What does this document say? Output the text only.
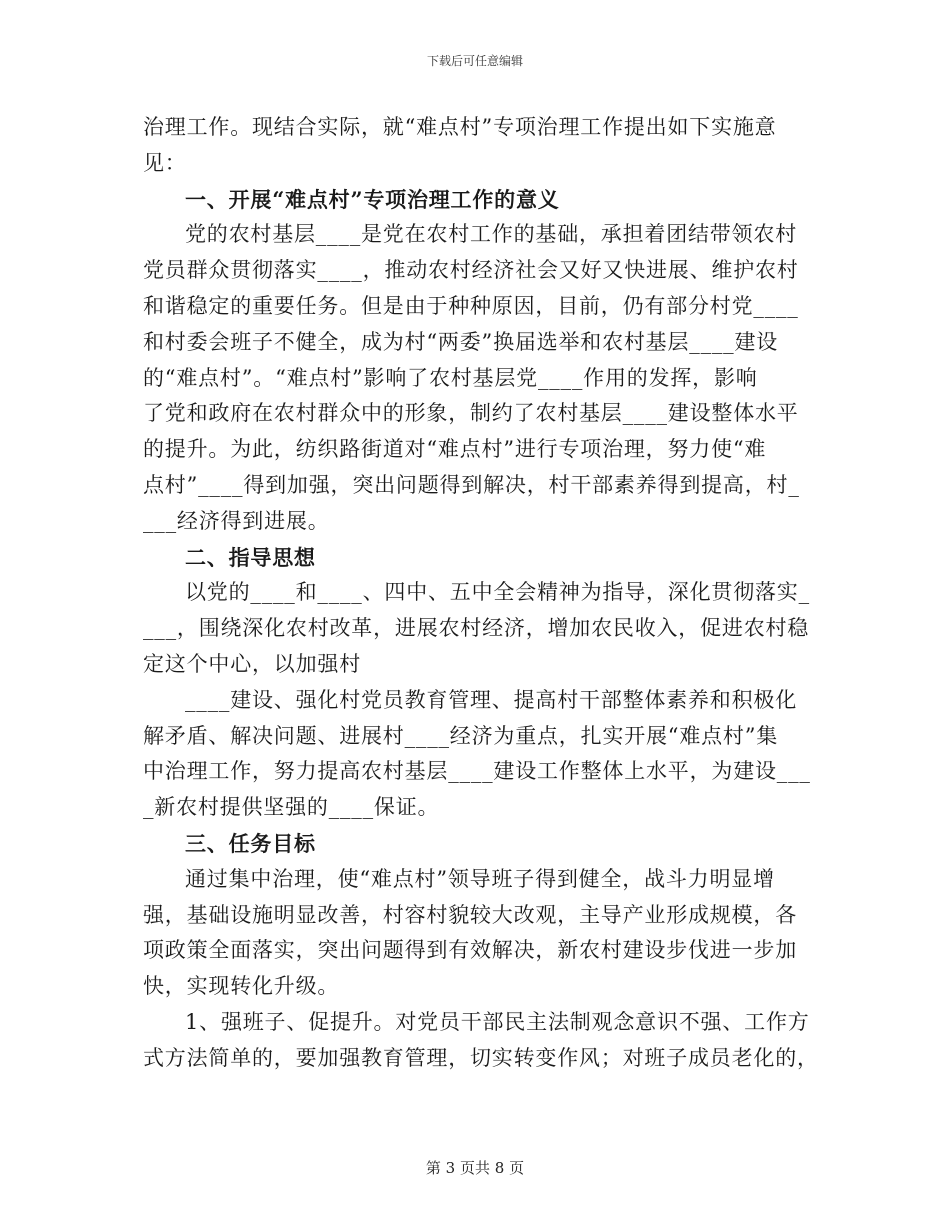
下载后可任意编辑
治理工作。现结合实际，就“难点村”专项治理工作提出如下实施意
见：
一、开展“难点村”专项治理工作的意义
党的农村基层____是党在农村工作的基础，承担着团结带领农村
党员群众贯彻落实____，推动农村经济社会又好又快进展、维护农村
和谐稳定的重要任务。但是由于种种原因，目前，仍有部分村党____
和村委会班子不健全，成为村“两委”换届选举和农村基层____建设
的“难点村”。“难点村”影响了农村基层党____作用的发挥，影响
了党和政府在农村群众中的形象，制约了农村基层____建设整体水平
的提升。为此，纺织路街道对“难点村”进行专项治理，努力使“难
点村”____得到加强，突出问题得到解决，村干部素养得到提高，村_
___经济得到进展。
二、指导思想
以党的____和____、四中、五中全会精神为指导，深化贯彻落实_
___，围绕深化农村改革，进展农村经济，增加农民收入，促进农村稳
定这个中心，以加强村
____建设、强化村党员教育管理、提高村干部整体素养和积极化
解矛盾、解决问题、进展村____经济为重点，扎实开展“难点村”集
中治理工作，努力提高农村基层____建设工作整体上水平，为建设___
_新农村提供坚强的____保证。
三、任务目标
通过集中治理，使“难点村”领导班子得到健全，战斗力明显增
强，基础设施明显改善，村容村貌较大改观，主导产业形成规模，各
项政策全面落实，突出问题得到有效解决，新农村建设步伐进一步加
快，实现转化升级。
1、强班子、促提升。对党员干部民主法制观念意识不强、工作方
式方法简单的，要加强教育管理，切实转变作风；对班子成员老化的，
第 3 页共 8 页
